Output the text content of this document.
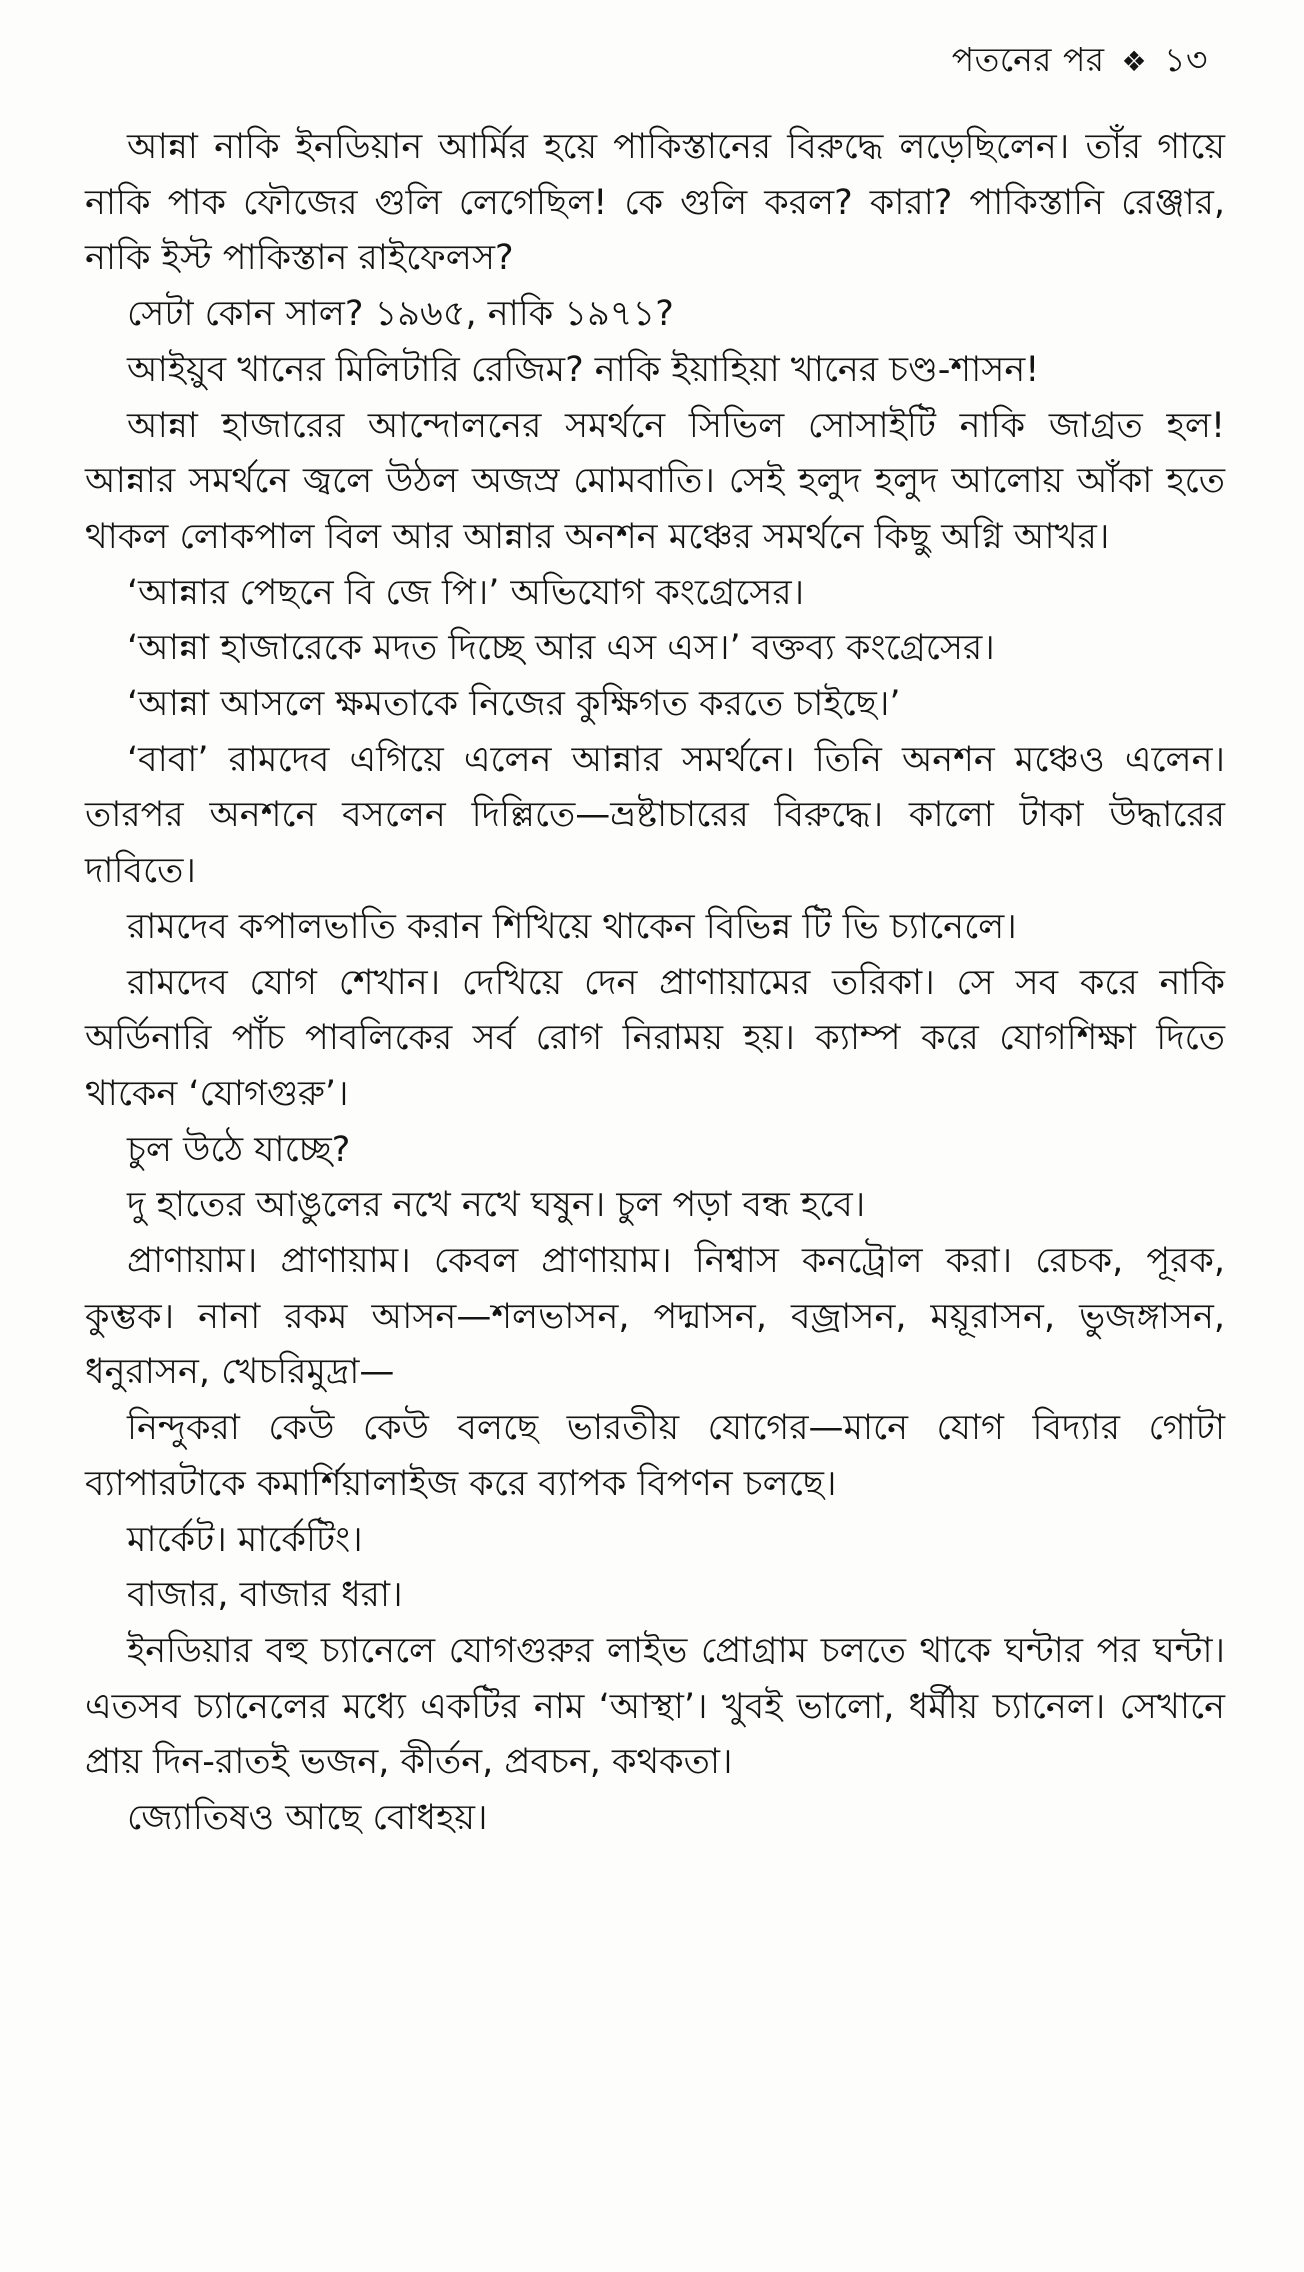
পতনের পর ❖ ১৩

আন্না নাকি ইনডিয়ান আর্মির হয়ে পাকিস্তানের বিরুদ্ধে লড়েছিলেন। তাঁর গায়ে নাকি পাক ফৌজের গুলি লেগেছিল! কে গুলি করল? কারা? পাকিস্তানি রেঞ্জার, নাকি ইস্ট পাকিস্তান রাইফেলস?

সেটা কোন সাল? ১৯৬৫, নাকি ১৯৭১?

আইয়ুব খানের মিলিটারি রেজিম? নাকি ইয়াহিয়া খানের চণ্ড-শাসন!

আন্না হাজারের আন্দোলনের সমর্থনে সিভিল সোসাইটি নাকি জাগ্রত হল! আন্নার সমর্থনে জ্বলে উঠল অজস্র মোমবাতি। সেই হলুদ হলুদ আলোয় আঁকা হতে থাকল লোকপাল বিল আর আন্নার অনশন মঞ্চের সমর্থনে কিছু অগ্নি আখর।

‘আন্নার পেছনে বি জে পি।’ অভিযোগ কংগ্রেসের।

‘আন্না হাজারেকে মদত দিচ্ছে আর এস এস।’ বক্তব্য কংগ্রেসের।

‘আন্না আসলে ক্ষমতাকে নিজের কুক্ষিগত করতে চাইছে।’

‘বাবা’ রামদেব এগিয়ে এলেন আন্নার সমর্থনে। তিনি অনশন মঞ্চেও এলেন। তারপর অনশনে বসলেন দিল্লিতে—ভ্রষ্টাচারের বিরুদ্ধে। কালো টাকা উদ্ধারের দাবিতে।

রামদেব কপালভাতি করান শিখিয়ে থাকেন বিভিন্ন টি ভি চ্যানেলে।

রামদেব যোগ শেখান। দেখিয়ে দেন প্রাণায়ামের তরিকা। সে সব করে নাকি অর্ডিনারি পাঁচ পাবলিকের সর্ব রোগ নিরাময় হয়। ক্যাম্প করে যোগশিক্ষা দিতে থাকেন ‘যোগগুরু’।

চুল উঠে যাচ্ছে?

দু হাতের আঙুলের নখে নখে ঘষুন। চুল পড়া বন্ধ হবে।

প্রাণায়াম। প্রাণায়াম। কেবল প্রাণায়াম। নিশ্বাস কনট্রোল করা। রেচক, পূরক, কুম্ভক। নানা রকম আসন—শলভাসন, পদ্মাসন, বজ্রাসন, ময়ূরাসন, ভুজঙ্গাসন, ধনুরাসন, খেচরিমুদ্রা—

নিন্দুকরা কেউ কেউ বলছে ভারতীয় যোগের—মানে যোগ বিদ্যার গোটা ব্যাপারটাকে কমার্শিয়ালাইজ করে ব্যাপক বিপণন চলছে।

মার্কেট। মার্কেটিং।

বাজার, বাজার ধরা।

ইনডিয়ার বহু চ্যানেলে যোগগুরুর লাইভ প্রোগ্রাম চলতে থাকে ঘন্টার পর ঘন্টা। এতসব চ্যানেলের মধ্যে একটির নাম ‘আস্থা’। খুবই ভালো, ধর্মীয় চ্যানেল। সেখানে প্রায় দিন-রাতই ভজন, কীর্তন, প্রবচন, কথকতা।

জ্যোতিষও আছে বোধহয়।
